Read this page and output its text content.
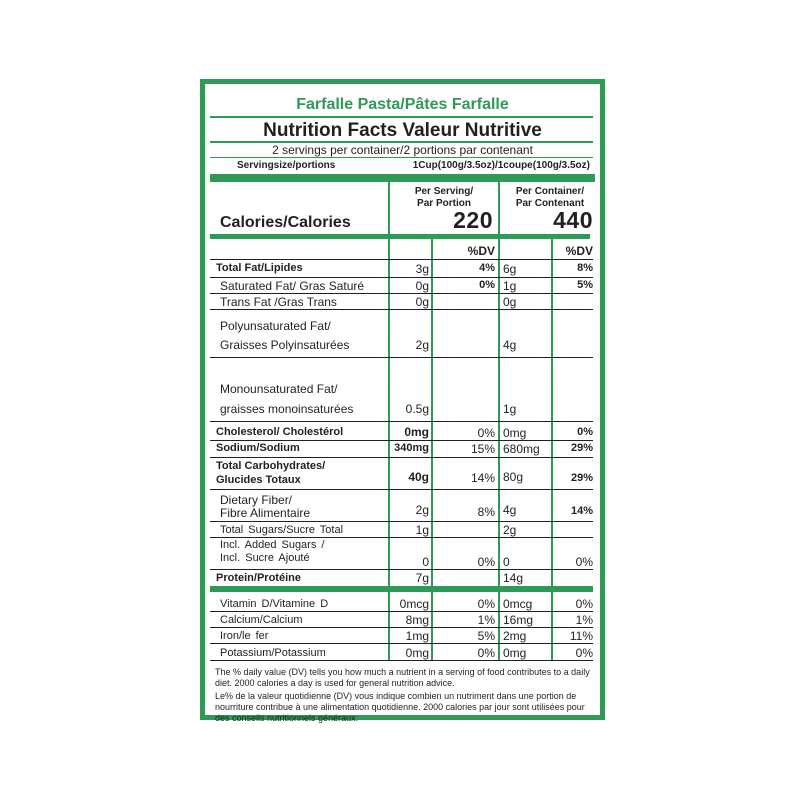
Farfalle Pasta/Pâtes Farfalle
Nutrition Facts Valeur Nutritive
2 servings per container/2 portions par contenant
Servingsize/portions	1Cup(100g/3.5oz)/1coupe(100g/3.5oz)
Per Serving/
Par Portion
Per Container/
Par Contenant
Calories/Calories	220	440
%DV	%DV
Total Fat/Lipides	3g	4% 6g	8%
Saturated Fat/ Gras Saturé	0g	0% 1g	5%
Trans Fat /Gras Trans	0g	0g
Polyunsaturated Fat/
Graisses Polyinsaturées	2g	4g
Monounsaturated Fat/
graisses monoinsaturées	0.5g	1g
Cholesterol/ Cholestérol	0mg	0% 0mg	0%
Sodium/Sodium	340mg	15% 680mg	29%
Total Carbohydrates/
Glucides Totaux	40g	14% 80g	29%
Dietary Fiber/
Fibre Alimentaire	2g	8% 4g	14%
Total Sugars/Sucre Total	1g	2g
Incl. Added Sugars /
Incl. Sucre Ajouté	0	0% 0	0%
Protein/Protéine	7g	14g
Vitamin D/Vitamine D	0mcg	0% 0mcg	0%
Calcium/Calcium	8mg	1% 16mg	1%
Iron/le fer	1mg	5% 2mg	11%
Potassium/Potassium	0mg	0% 0mg	0%
The % daily value (DV) tells you how much a nutrient in a serving of food contributes to a daily diet. 2000 calories a day is used for general nutrition advice.
Le% de la valeur quotidienne (DV) vous indique combien un nutriment dans une portion de nourriture contribue à une alimentation quotidienne. 2000 calories par jour sont utilisées pour des conseils nutritionnels généraux.
